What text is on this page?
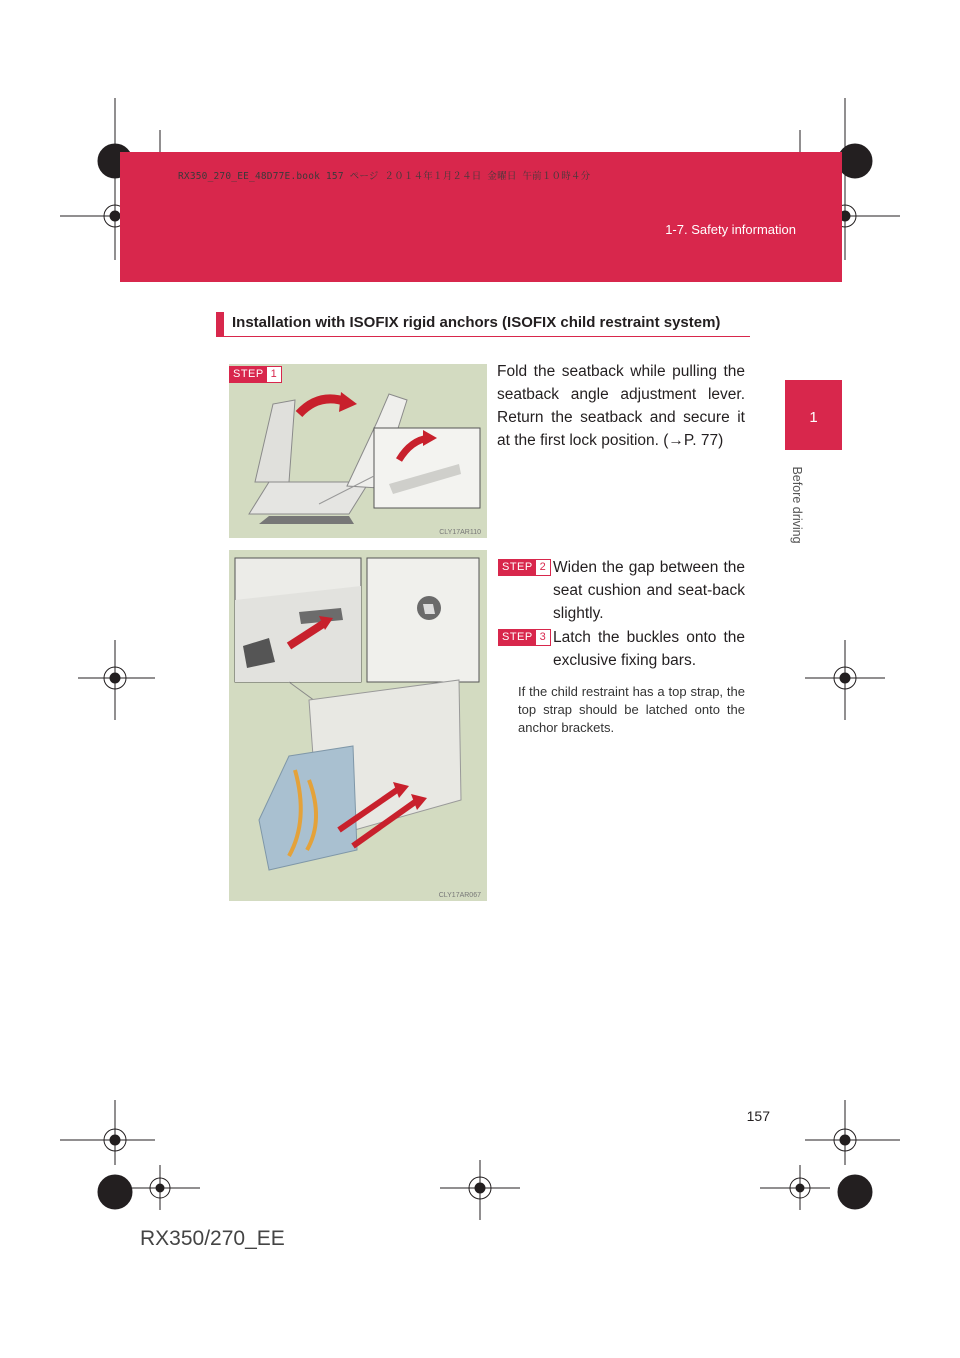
RX350_270_EE_48D77E.book 157 ページ ２０１４年１月２４日 金曜日 午前１０時４分
1-7. Safety information
1
Before driving
Installation with ISOFIX rigid anchors (ISOFIX child restraint system)
STEP 1
CLY17AR110
CLY17AR067
Fold the seatback while pulling the seatback angle adjustment lever. Return the seatback and secure it at the first lock position. (→P. 77)
STEP 2 Widen the gap between the seat cushion and seat-back slightly.
STEP 3 Latch the buckles onto the exclusive fixing bars.
If the child restraint has a top strap, the top strap should be latched onto the anchor brackets.
157
RX350/270_EE
